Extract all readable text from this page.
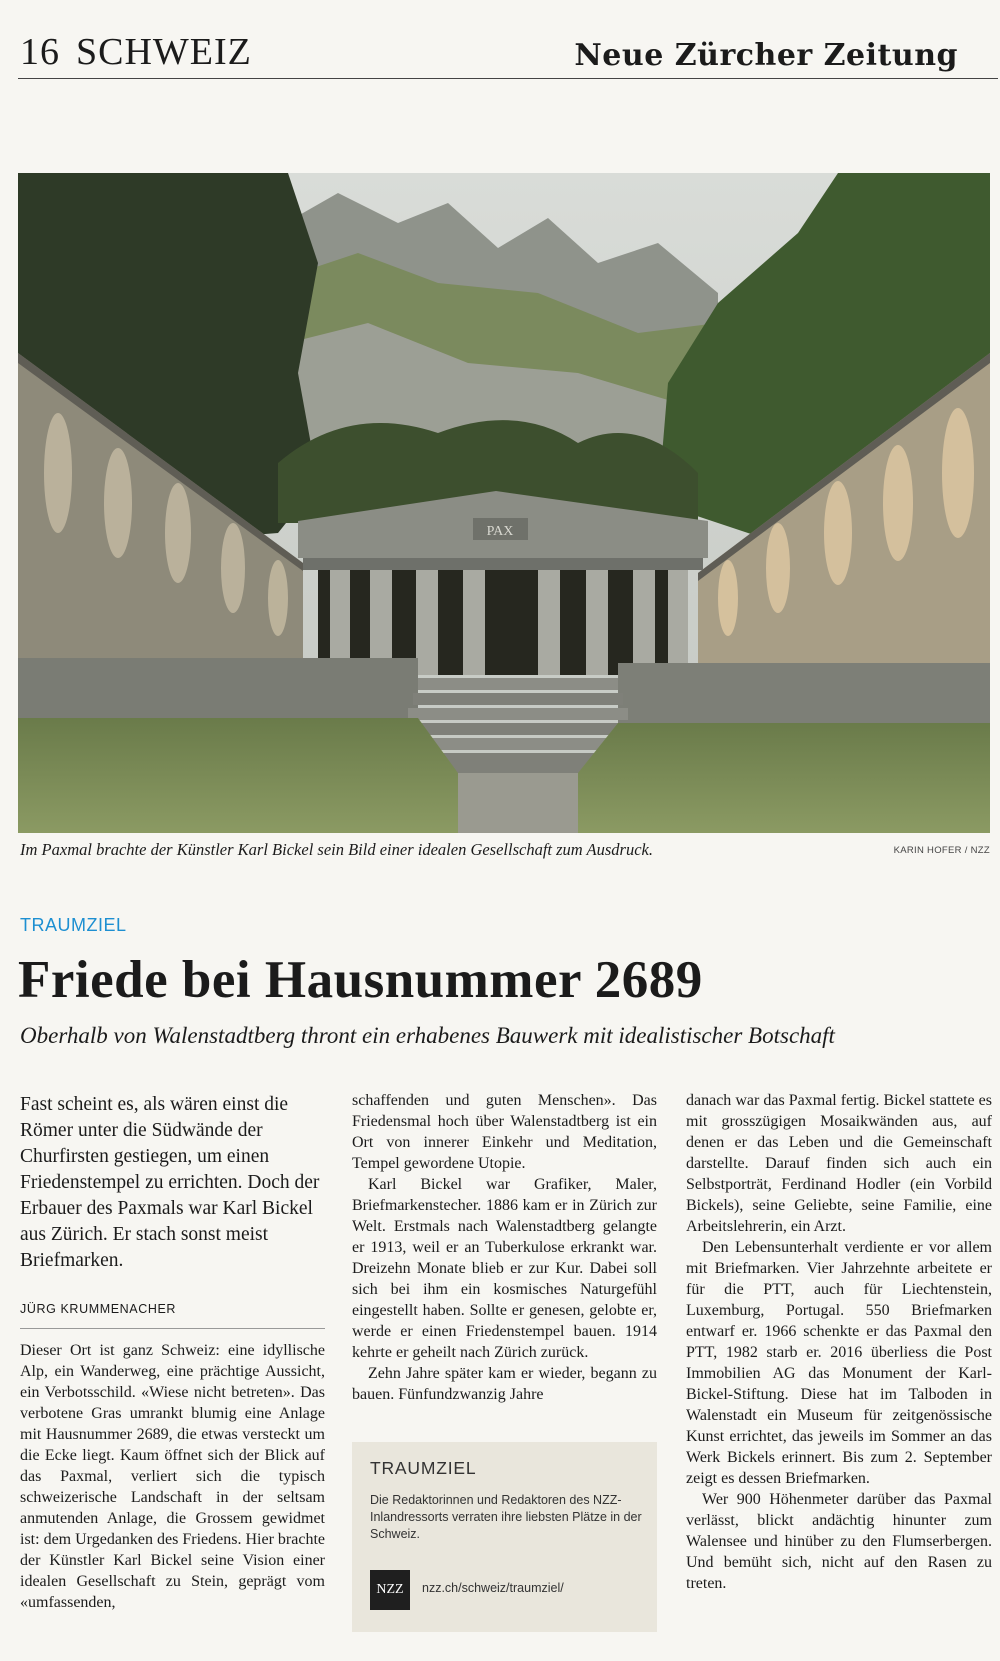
16 SCHWEIZ	Neue Zürcher Zeitung
PAX
Im Paxmal brachte der Künstler Karl Bickel sein Bild einer idealen Gesellschaft zum Ausdruck.	KARIN HOFER / NZZ
TRAUMZIEL
Friede bei Hausnummer 2689
Oberhalb von Walenstadtberg thront ein erhabenes Bauwerk mit idealistischer Botschaft
Fast scheint es, als wären einst die Römer unter die Südwände der Churfirsten gestiegen, um einen Friedenstempel zu errichten. Doch der Erbauer des Paxmals war Karl Bickel aus Zürich. Er stach sonst meist Briefmarken.
JÜRG KRUMMENACHER

Dieser Ort ist ganz Schweiz: eine idyllische Alp, ein Wanderweg, eine prächtige Aussicht, ein Verbotsschild. «Wiese nicht betreten». Das verbotene Gras umrankt blumig eine Anlage mit Hausnummer 2689, die etwas versteckt um die Ecke liegt. Kaum öffnet sich der Blick auf das Paxmal, verliert sich die typisch schweizerische Landschaft in der seltsam anmutenden Anlage, die Grossem gewidmet ist: dem Urgedanken des Friedens. Hier brachte der Künstler Karl Bickel seine Vision einer idealen Gesellschaft zu Stein, geprägt vom «umfassenden,

schaffenden und guten Menschen». Das Friedensmal hoch über Walenstadtberg ist ein Ort von innerer Einkehr und Meditation, Tempel gewordene Utopie.

Karl Bickel war Grafiker, Maler, Briefmarkenstecher. 1886 kam er in Zürich zur Welt. Erstmals nach Walenstadtberg gelangte er 1913, weil er an Tuberkulose erkrankt war. Dreizehn Monate blieb er zur Kur. Dabei soll sich bei ihm ein kosmisches Naturgefühl eingestellt haben. Sollte er genesen, gelobte er, werde er einen Friedenstempel bauen. 1914 kehrte er geheilt nach Zürich zurück.

Zehn Jahre später kam er wieder, begann zu bauen. Fünfundzwanzig Jahre

TRAUMZIEL
Die Redaktorinnen und Redaktoren des NZZ-Inlandressorts verraten ihre liebsten Plätze in der Schweiz.
NZZ	nzz.ch/schweiz/traumziel/

danach war das Paxmal fertig. Bickel stattete es mit grosszügigen Mosaikwänden aus, auf denen er das Leben und die Gemeinschaft darstellte. Darauf finden sich auch ein Selbstporträt, Ferdinand Hodler (ein Vorbild Bickels), seine Geliebte, seine Familie, eine Arbeitslehrerin, ein Arzt.

Den Lebensunterhalt verdiente er vor allem mit Briefmarken. Vier Jahrzehnte arbeitete er für die PTT, auch für Liechtenstein, Luxemburg, Portugal. 550 Briefmarken entwarf er. 1966 schenkte er das Paxmal den PTT, 1982 starb er. 2016 überliess die Post Immobilien AG das Monument der Karl-Bickel-Stiftung. Diese hat im Talboden in Walenstadt ein Museum für zeitgenössische Kunst errichtet, das jeweils im Sommer an das Werk Bickels erinnert. Bis zum 2. September zeigt es dessen Briefmarken.

Wer 900 Höhenmeter darüber das Paxmal verlässt, blickt andächtig hinunter zum Walensee und hinüber zu den Flumserbergen. Und bemüht sich, nicht auf den Rasen zu treten.
